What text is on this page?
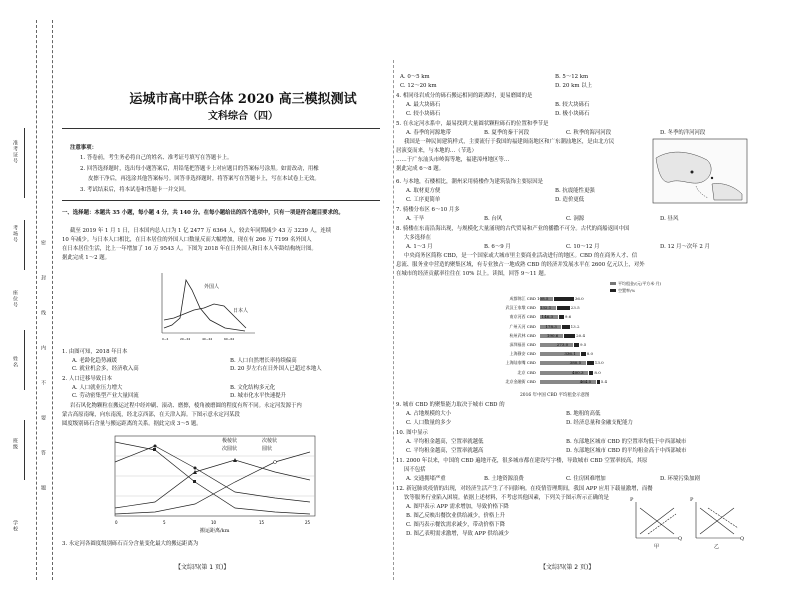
准考证号
考场号
座位号
姓名
班级
学校
密
封
线
内
不
要
答
题
运城市高中联合体 2020 高三模拟测试
文科综合（四）
注意事项：
1. 答卷前，考生务必将自己的姓名、准考证号填写在答题卡上。
2. 回答选择题时，选出每小题答案后，用铅笔把答题卡上对应题目的答案标号涂黑。如需改动，用橡
皮擦干净后，再选涂其他答案标号。回答非选择题时，将答案写在答题卡上，写在本试卷上无效。
3. 考试结束后，将本试卷和答题卡一并交回。
一、选择题：本题共 35 小题，每小题 4 分，共 140 分。在每小题给出的四个选项中，只有一项是符合题目要求的。
截至 2019 年 1 月 1 日，日本国内总人口为 1 亿 2477 万 6364 人，较去年同期减少 43 万 3239 人，连续
10 年减少。与日本人口相比，在日本居住的外国人口数量反而大幅增加，现在有 266 万 7199 名外国人
在日本居住生活，比上一年增加了 16 万 9543 人。下图为 2018 年在日外国人和日本人年龄结构统计图。
据此完成 1～2 题。
0~4	20~24	40~44	60~64
外国人
日本人
1. 由图可知，2018 年日本
A. 老龄化趋势减缓	B. 人口自然增长率持续偏高
C. 就业机会多，经济收入高	D. 20 岁左右在日外国人已超过本地人
2. 人口迁移导致日本
A. 人口就业压力增大	B. 文化结构多元化
C. 劳动密集型产业大量回流	D. 城市化水平快速提升
岩石风化物颗粒在搬运过程中经冲刷、滚动、磨擦，棱角被磨圆的程度有所不同。永定河发源于内
蒙古高原南缘，向东南流，经北京西部，在天津入海。下图示意永定河某段
圆度级别砾石含量与搬运距离的关系。据此完成 3～5 题。
0	5	10	15	25
极棱状	次棱状
次圆状	圆状
搬运距离/km
3. 永定河各圆度级别砾石百分含量变化最大的搬运距离为
【文综四(第 1 页)】
A. 0～5 km	B. 5～12 km
C. 12～20 km	D. 20 km 以上
4. 相同母岩成分的砾石搬运相同的距离时，更易磨圆的是
A. 最大块砾石	B. 较大块砾石
C. 较小块砾石	D. 极小块砾石
5. 在永定河水系中，最易找到大量圆状颗粒砾石的位置和季节是
A. 春季的河源地带	B. 夏季的秦干河段	C. 秋季的海河河段	D. 冬季的洋河河段
我国是一种民间建筑样式，主要流行于我国的福建闽南地区和广东潮汕地区，是由北方民
居演变而来，与本地的…（节选）
……于广东汕头市岭海等地，福建漳州地区等…
据此完成 6～8 题。
6. 与本地，石楼相比，潮州采用骑楼作为建筑装饰主要原因是
A. 取材更方便	B. 抗震能性更强
C. 工序更简单	D. 造价更低
7. 骑楼分布区 6～10 月多
A. 干旱	B. 台风	C. 洞源	D. 昼风
8. 骑楼在东南沿海出现，与规模化大量涌现的古代贸易和产业的播撒不可分。古代的商船返回中国
大多选择在
A. 1～3 月	B. 6～9 月	C. 10～12 月	D. 12 月～次年 2 月
中央商务区简称 CBD，是一个国家或大城市里主要商业活动进行的地区。CBD 的在商务人才、信
息流、服务业中营造的聚集区域，有专业独占一地成熟 CBD 的经济并发展水平在 2600 亿元以上，对外
在城市的经济贡献率往往在 10% 以上。读图，回答 9～11 题。
平均租金/(元/平方米·月)
空置率/%
成都锦江 CBD 108.5	36.0
武汉王家墩 CBD 132.1	23.5
南京河西 CBD 146.3	9.6
广州天河 CBD 178.3	13.2
杭州武林 CBD	190.6	20.4
深圳福田 CBD	273.0	9.5
上海静安 CBD	336.1	8.0
上海陆家嘴 CBD	380.5	13.0
北京 CBD	400.3	8.0
北京金融街 CBD	464.5 5.4
2016 年中国 CBD 平均租金示意图
9. 城市 CBD 的聚集能力取决于城市 CBD 的
A. 占地规模的大小	B. 地租的高低
C. 人口数量的多少	D. 经济总量和金融支配能力
10. 图中显示
A. 平均租金越高，空置率就越低	B. 东部地区城市 CBD 的空置率均低于中西部城市
C. 平均租金越高，空置率就越高	D. 东部地区城市 CBD 的平均租金高于中西部城市
11. 2000 年以来，中国的 CBD 遍地开花，很多城市都在建设写字楼，导致城市 CBD 空置率较高，其原
因不包括
A. 交通拥堵严重	B. 土地资源浪费	C. 住房困难增加	D. 环境污染加剧
12. 新冠肺炎疫情的出现，对经济生活产生了不同影响。在疫情管理期间，我国 APP 应用下载量激增，而餐
饮等服务行业陷入困境。依据上述材料，不考虑其他因素，下列关于图示所示正确的是
A. 图甲表示 APP 需求增加，导致价格下降
B. 图乙反映出餐饮业供给减少，价格上升
C. 图丙表示餐饮需求减少，带动价格下降
D. 图乙表明需求激增，导致 APP 供给减少
P
Q
P
Q
甲	乙
【文综四(第 2 页)】
